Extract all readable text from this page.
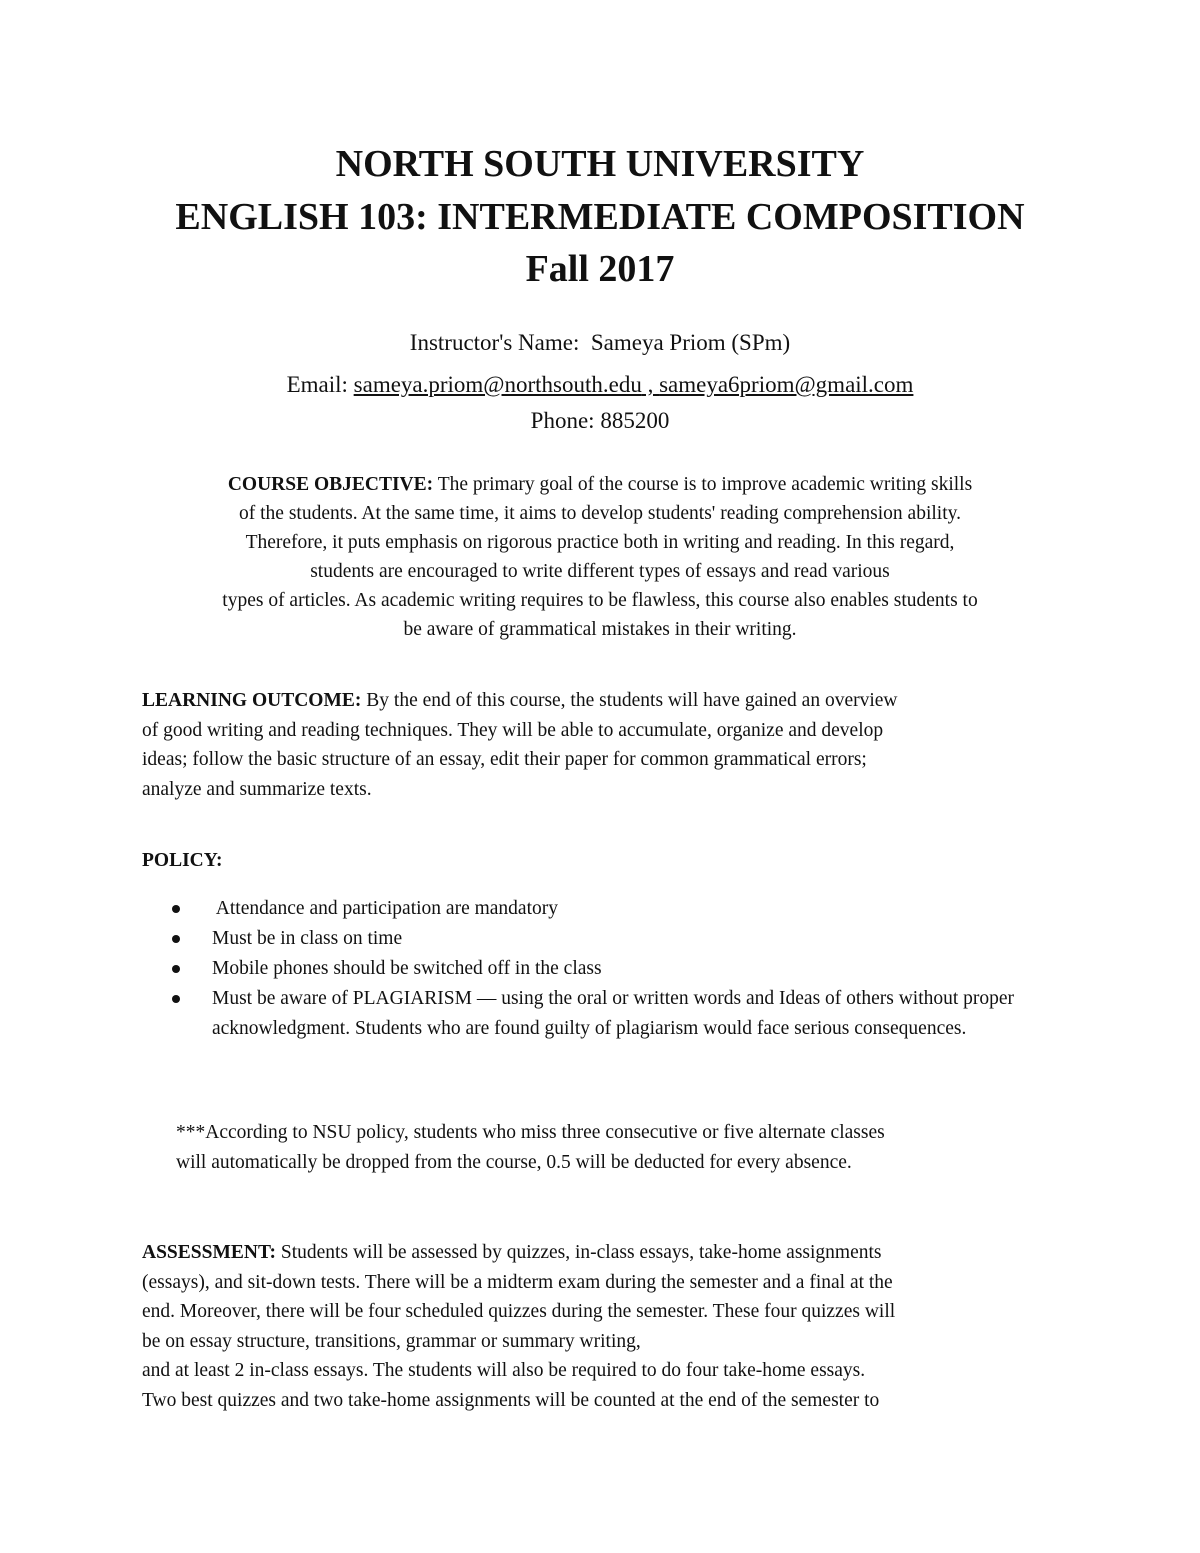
NORTH SOUTH UNIVERSITY
ENGLISH 103: INTERMEDIATE COMPOSITION
Fall 2017
Instructor's Name: Sameya Priom (SPm)
Email: sameya.priom@northsouth.edu , sameya6priom@gmail.com
Phone: 885200
COURSE OBJECTIVE: The primary goal of the course is to improve academic writing skills
of the students. At the same time, it aims to develop students' reading comprehension ability.
Therefore, it puts emphasis on rigorous practice both in writing and reading. In this regard,
students are encouraged to write different types of essays and read various
types of articles. As academic writing requires to be flawless, this course also enables students to
be aware of grammatical mistakes in their writing.
LEARNING OUTCOME: By the end of this course, the students will have gained an overview
of good writing and reading techniques. They will be able to accumulate, organize and develop
ideas; follow the basic structure of an essay, edit their paper for common grammatical errors;
analyze and summarize texts.
POLICY:
Attendance and participation are mandatory
Must be in class on time
Mobile phones should be switched off in the class
Must be aware of PLAGIARISM — using the oral or written words and Ideas of others without proper acknowledgment. Students who are found guilty of plagiarism would face serious consequences.
***According to NSU policy, students who miss three consecutive or five alternate classes
will automatically be dropped from the course, 0.5 will be deducted for every absence.
ASSESSMENT: Students will be assessed by quizzes, in-class essays, take-home assignments
(essays), and sit-down tests. There will be a midterm exam during the semester and a final at the
end. Moreover, there will be four scheduled quizzes during the semester. These four quizzes will
be on essay structure, transitions, grammar or summary writing,
and at least 2 in-class essays. The students will also be required to do four take-home essays.
Two best quizzes and two take-home assignments will be counted at the end of the semester to
